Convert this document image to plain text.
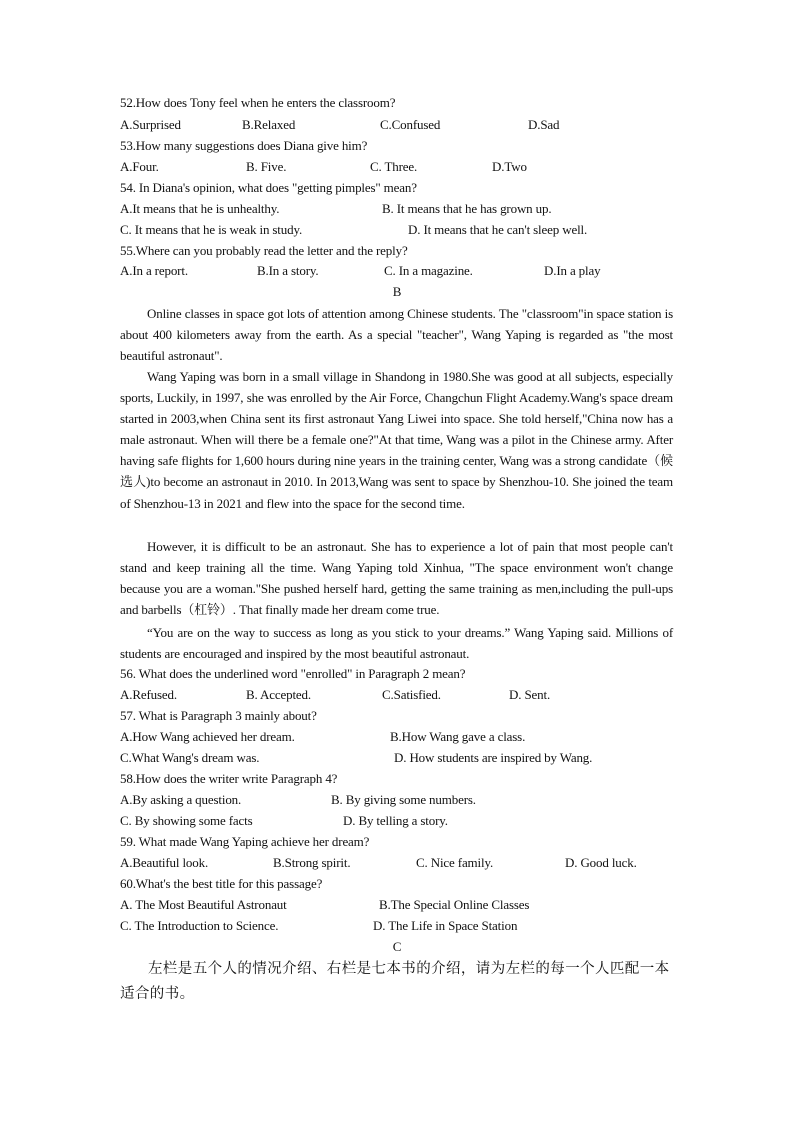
52.How does Tony feel when he enters the classroom?
A.Surprised	B.Relaxed	C.Confused	D.Sad
53.How many suggestions does Diana give him?
A.Four.	B. Five.	C. Three.	D.Two
54. In Diana's opinion, what does "getting pimples" mean?
A.It means that he is unhealthy.	B. It means that he has grown up.
C. It means that he is weak in study.	D. It means that he can't sleep well.
55.Where can you probably read the letter and the reply?
A.In a report.	B.In a story.	C. In a magazine.	D.In a play
B
Online classes in space got lots of attention among Chinese students. The "classroom"in space station is about 400 kilometers away from the earth. As a special "teacher", Wang Yaping is regarded as "the most beautiful astronaut".
Wang Yaping was born in a small village in Shandong in 1980.She was good at all subjects, especially sports, Luckily, in 1997, she was enrolled by the Air Force, Changchun Flight Academy.Wang's space dream started in 2003,when China sent its first astronaut Yang Liwei into space. She told herself,"China now has a male astronaut. When will there be a female one?"At that time, Wang was a pilot in the Chinese army. After having safe flights for 1,600 hours during nine years in the training center, Wang was a strong candidate（候选人)to become an astronaut in 2010. In 2013,Wang was sent to space by Shenzhou-10. She joined the team of Shenzhou-13 in 2021 and flew into the space for the second time.
However, it is difficult to be an astronaut. She has to experience a lot of pain that most people can't stand and keep training all the time. Wang Yaping told Xinhua, "The space environment won't change because you are a woman."She pushed herself hard, getting the same training as men,including the pull-ups and barbells（杠铃）. That finally made her dream come true.
“You are on the way to success as long as you stick to your dreams.” Wang Yaping said. Millions of students are encouraged and inspired by the most beautiful astronaut.
56. What does the underlined word "enrolled" in Paragraph 2 mean?
A.Refused.	B. Accepted.	C.Satisfied.	D. Sent.
57. What is Paragraph 3 mainly about?
A.How Wang achieved her dream.	B.How Wang gave a class.
C.What Wang's dream was.	D. How students are inspired by Wang.
58.How does the writer write Paragraph 4?
A.By asking a question.	B. By giving some numbers.
C. By showing some facts	D. By telling a story.
59. What made Wang Yaping achieve her dream?
A.Beautiful look.	B.Strong spirit.	C. Nice family.	D. Good luck.
60.What's the best title for this passage?
A. The Most Beautiful Astronaut	B.The Special Online Classes
C. The Introduction to Science.	D. The Life in Space Station
C
左栏是五个人的情况介绍、右栏是七本书的介绍，请为左栏的每一个人匹配一本适合的书。
